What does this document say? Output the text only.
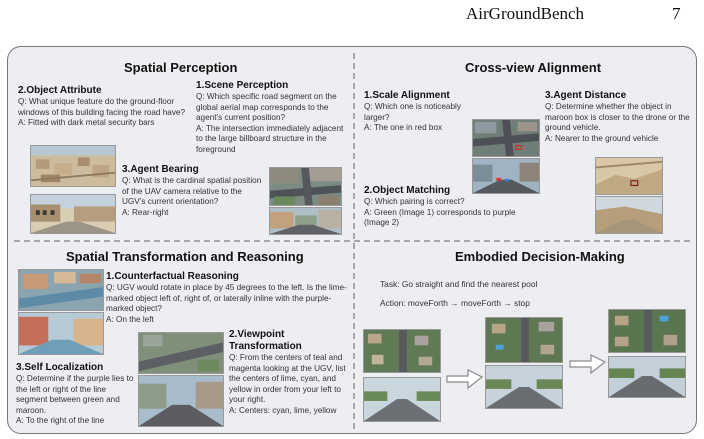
AirGroundBench	7
Spatial Perception
2.Object Attribute

Q: What unique feature do the ground-floor windows of this building facing the road have?

A: Fitted with dark metal security bars

1.Scene Perception

Q: Which specific road segment on the global aerial map corresponds to the agent’s current position?

A: The intersection immediately adjacent to the large billboard structure in the foreground

3.Agent Bearing

Q: What is the cardinal spatial position of the UAV camera relative to the UGV’s current orientation?

A: Rear-right

Cross-view Alignment
1.Scale Alignment

Q: Which one is noticeably larger?

A: The one in red box

3.Agent Distance

Q: Determine whether the object in maroon box is closer to the drone or the ground vehicle.

A: Nearer to the ground vehicle

2.Object Matching

Q: Which pairing is correct?

A: Green (Image 1) corresponds to purple (Image 2)

Spatial Transformation and Reasoning
1.Counterfactual Reasoning

Q: UGV would rotate in place by 45 degrees to the left. Is the lime-marked object left of, right of, or laterally inline with the purple-marked object?

A: On the left

2.Viewpoint Transformation

Q: From the centers of teal and magenta looking at the UGV, list the centers of lime, cyan, and yellow in order from your left to your right.

A: Centers: cyan, lime, yellow

3.Self Localization

Q: Determine if the purple lies to the left or right of the line segment between green and maroon.

A: To the right of the line

Embodied Decision-Making
Task: Go straight and find the nearest pool
Action: moveForth → moveForth → stop
